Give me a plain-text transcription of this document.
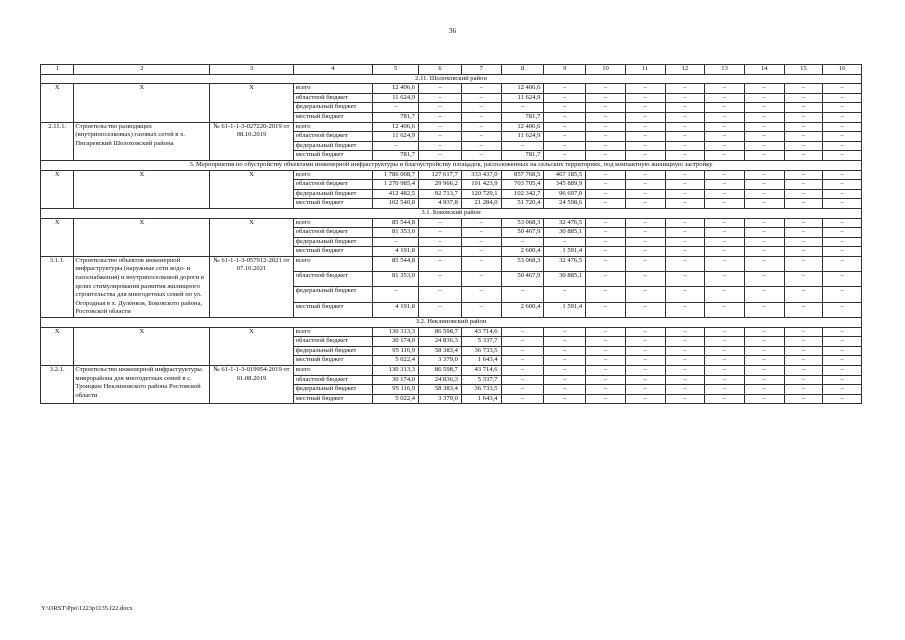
36
1	2	3	4	5	6	7	8	9	10	11	12	13	14	15	16
2.11. Шолоховский район															
Х	Х	Х	всего	12 406,6	–	–	12 406,6	–	–	–	–	–	–	–	–
			областной бюджет	11 624,9	–	–	11 624,9	–	–	–	–	–	–	–	–
			федеральный бюджет	–	–	–	–	–	–	–	–	–	–	–	–
			местный бюджет	781,7	–	–	781,7	–	–	–	–	–	–	–	–
2.11.1.	Строительство разводящих (внутрипоселковых) газовых сетей в х. Пигаревский Шолоховский района	№ 61-1-1-3-027220-2019 от 08.10.2019	всего	12 406,6	–	–	12 406,6	–	–	–	–	–	–	–	–
			областной бюджет	11 624,9	–	–	11 624,9	–	–	–	–	–	–	–	–
			федеральный бюджет	–	–	–	–	–	–	–	–	–	–	–	–
			местный бюджет	781,7	–	–	781,7	–	–	–	–	–	–	–	–
3. Мероприятия по обустройству объектами инженерной инфраструктуры и благоустройству площадок, расположенных на сельских территориях, под компактную жилищную застройку															
Х	Х	Х	всего	1 786 008,7	127 617,7	333 437,0	857 768,5	467 185,5	–	–	–	–	–	–	–
			областной бюджет	1 270 985,4	29 966,2	191 423,9	703 705,4	345 889,9	–	–	–	–	–	–	–
			федеральный бюджет	412 482,5	92 713,7	120 729,1	102 342,7	96 697,0	–	–	–	–	–	–	–
			местный бюджет	102 540,8	4 937,8	21 284,0	51 720,4	24 598,6	–	–	–	–	–	–	–
3.1. Боковский район															
Х	Х	Х	всего	85 544,8	–	–	53 068,3	32 476,5	–	–	–	–	–	–	–
			областной бюджет	81 353,0	–	–	50 467,9	30 885,1	–	–	–	–	–	–	–
			федеральный бюджет	–	–	–	–	–	–	–	–	–	–	–	–
			местный бюджет	4 191,8	–	–	2 600,4	1 591,4	–	–	–	–	–	–	–
3.1.1.	Строительство объектов инженерной инфраструктуры (наружные сети водо- и газоснабжения) и внутрипоселковой дороги в целях стимулирования развития жилищного строительства для многодетных семей по ул. Огородная в х. Дуленков, Боковского района, Ростовской области	№ 61-1-1-3-057912-2021 от 07.10.2021	всего	85 544,8	–	–	53 068,3	32 476,5	–	–	–	–	–	–	–
			областной бюджет	81 353,0	–	–	50 467,9	30 885,1	–	–	–	–	–	–	–
			федеральный бюджет	–	–	–	–	–	–	–	–	–	–	–	–
			местный бюджет	4 191,8	–	–	2 600,4	1 591,4	–	–	–	–	–	–	–
3.2. Неклиновский район															
Х	Х	Х	всего	130 313,3	86 598,7	43 714,6	–	–	–	–	–	–	–	–	–
			областной бюджет	30 174,0	24 836,3	5 337,7	–	–	–	–	–	–	–	–	–
			федеральный бюджет	95 116,9	58 383,4	36 733,5	–	–	–	–	–	–	–	–	–
			местный бюджет	5 022,4	3 379,0	1 643,4	–	–	–	–	–	–	–	–	–
3.2.1.	Строительство инженерной инфраструктуры микрорайона для многодетных семей в с. Троицкое Неклиновского района Ростовской области	№ 61-1-1-3-019954-2019 от 01.08.2019	всего	130 313,3	86 598,7	43 714,6	–	–	–	–	–	–	–	–	–
			областной бюджет	30 174,0	24 836,3	5 337,7	–	–	–	–	–	–	–	–	–
			федеральный бюджет	95 116,9	58 383,4	36 733,5	–	–	–	–	–	–	–	–	–
			местный бюджет	5 022,4	3 379,0	1 643,4	–	–	–	–	–	–	–	–	–
Y:\ORST\Ppo\1223p1135.f22.docx
